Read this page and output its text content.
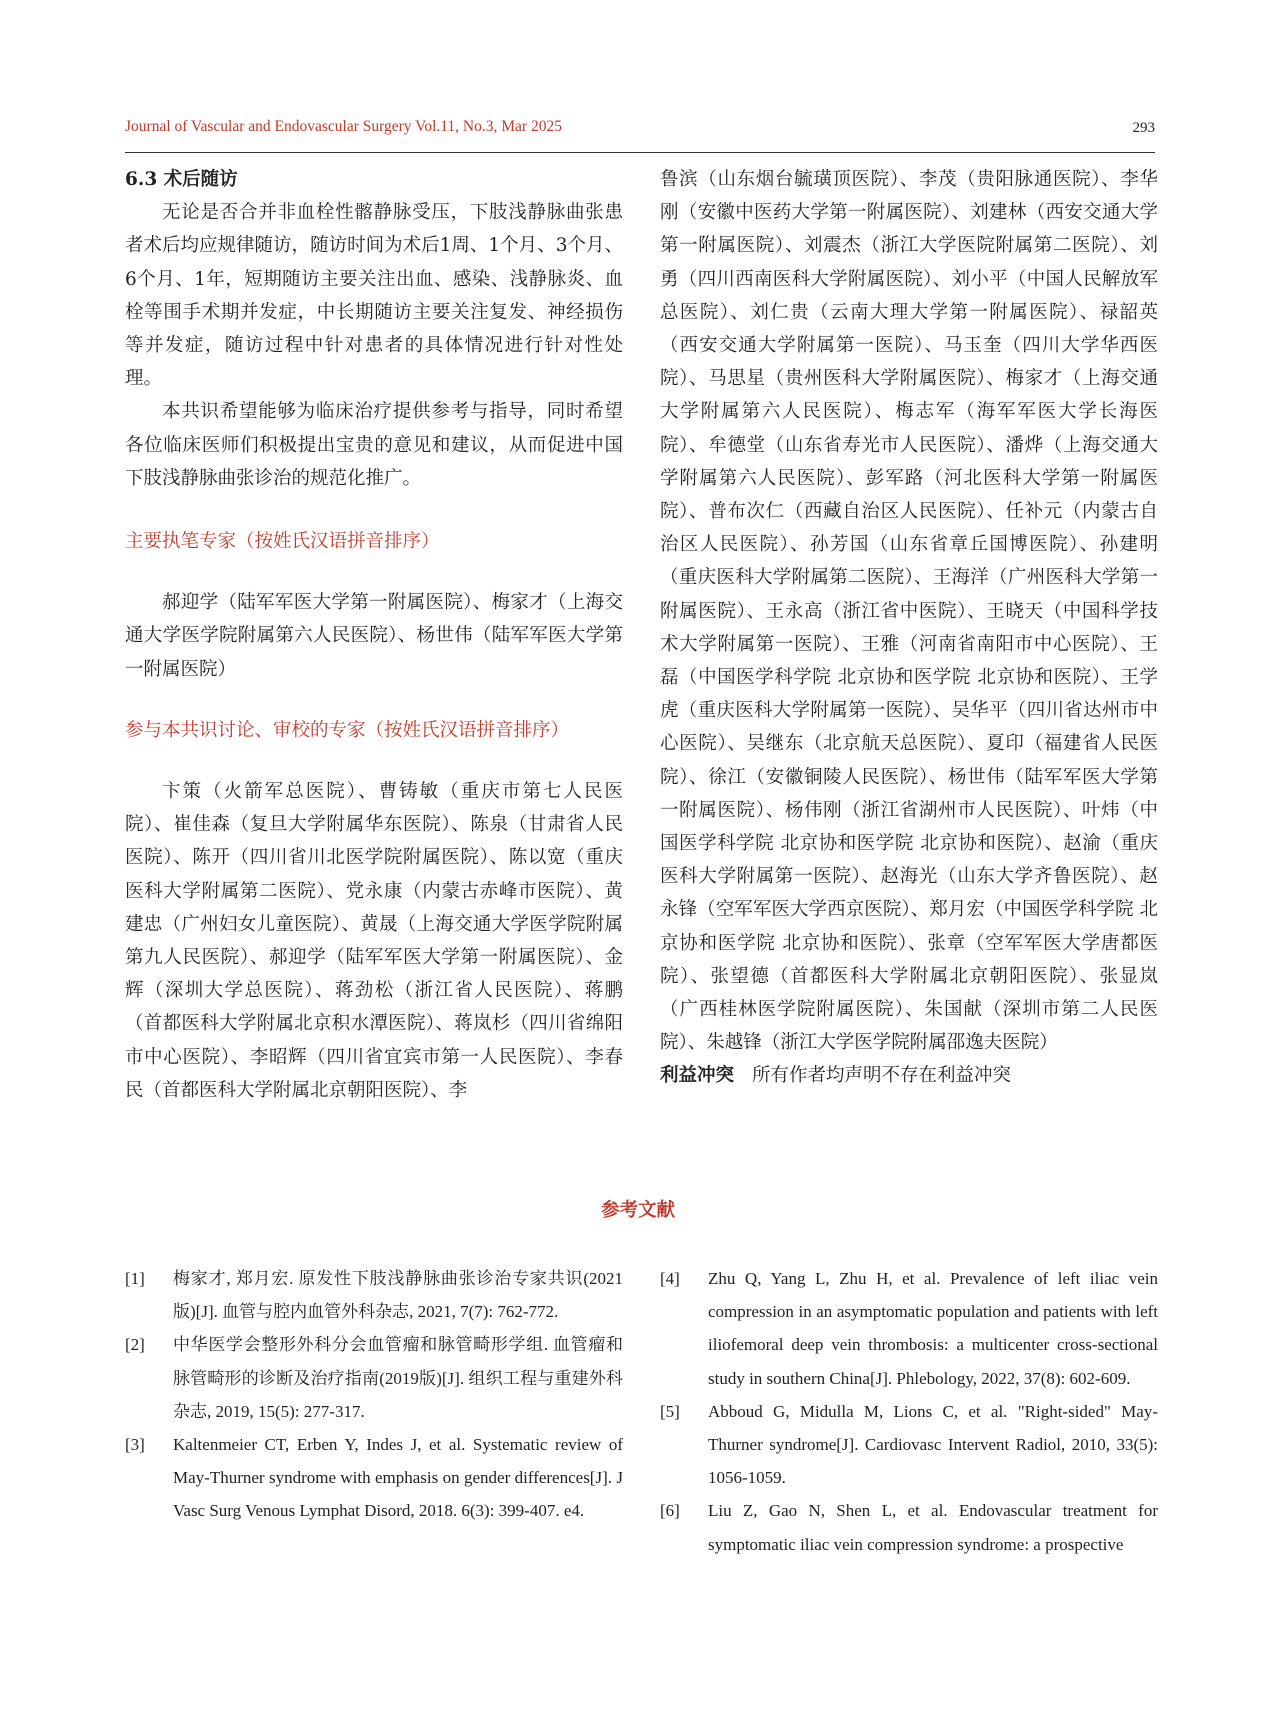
Journal of Vascular and Endovascular Surgery Vol.11, No.3, Mar 2025	293

6.3 术后随访

无论是否合并非血栓性髂静脉受压，下肢浅静脉曲张患者术后均应规律随访，随访时间为术后1周、1个月、3个月、6个月、1年，短期随访主要关注出血、感染、浅静脉炎、血栓等围手术期并发症，中长期随访主要关注复发、神经损伤等并发症，随访过程中针对患者的具体情况进行针对性处理。

本共识希望能够为临床治疗提供参考与指导，同时希望各位临床医师们积极提出宝贵的意见和建议，从而促进中国下肢浅静脉曲张诊治的规范化推广。

主要执笔专家（按姓氏汉语拼音排序）

郝迎学（陆军军医大学第一附属医院）、梅家才（上海交通大学医学院附属第六人民医院）、杨世伟（陆军军医大学第一附属医院）

参与本共识讨论、审校的专家（按姓氏汉语拼音排序）

卞策（火箭军总医院）、曹铸敏（重庆市第七人民医院）、崔佳森（复旦大学附属华东医院）、陈泉（甘肃省人民医院）、陈开（四川省川北医学院附属医院）、陈以宽（重庆医科大学附属第二医院）、党永康（内蒙古赤峰市医院）、黄建忠（广州妇女儿童医院）、黄晟（上海交通大学医学院附属第九人民医院）、郝迎学（陆军军医大学第一附属医院）、金辉（深圳大学总医院）、蒋劲松（浙江省人民医院）、蒋鹏（首都医科大学附属北京积水潭医院）、蒋岚杉（四川省绵阳市中心医院）、李昭辉（四川省宜宾市第一人民医院）、李春民（首都医科大学附属北京朝阳医院）、李

鲁滨（山东烟台毓璜顶医院）、李茂（贵阳脉通医院）、李华刚（安徽中医药大学第一附属医院）、刘建林（西安交通大学第一附属医院）、刘震杰（浙江大学医院附属第二医院）、刘勇（四川西南医科大学附属医院）、刘小平（中国人民解放军总医院）、刘仁贵（云南大理大学第一附属医院）、禄韶英（西安交通大学附属第一医院）、马玉奎（四川大学华西医院）、马思星（贵州医科大学附属医院）、梅家才（上海交通大学附属第六人民医院）、梅志军（海军军医大学长海医院）、牟德堂（山东省寿光市人民医院）、潘烨（上海交通大学附属第六人民医院）、彭军路（河北医科大学第一附属医院）、普布次仁（西藏自治区人民医院）、任补元（内蒙古自治区人民医院）、孙芳国（山东省章丘国博医院）、孙建明（重庆医科大学附属第二医院）、王海洋（广州医科大学第一附属医院）、王永高（浙江省中医院）、王晓天（中国科学技术大学附属第一医院）、王雅（河南省南阳市中心医院）、王磊（中国医学科学院 北京协和医学院 北京协和医院）、王学虎（重庆医科大学附属第一医院）、吴华平（四川省达州市中心医院）、吴继东（北京航天总医院）、夏印（福建省人民医院）、徐江（安徽铜陵人民医院）、杨世伟（陆军军医大学第一附属医院）、杨伟刚（浙江省湖州市人民医院）、叶炜（中国医学科学院 北京协和医学院 北京协和医院）、赵渝（重庆医科大学附属第一医院）、赵海光（山东大学齐鲁医院）、赵永锋（空军军医大学西京医院）、郑月宏（中国医学科学院 北京协和医学院 北京协和医院）、张章（空军军医大学唐都医院）、张望德（首都医科大学附属北京朝阳医院）、张显岚（广西桂林医学院附属医院）、朱国献（深圳市第二人民医院）、朱越锋（浙江大学医学院附属邵逸夫医院）

利益冲突 所有作者均声明不存在利益冲突

参考文献
[1] 梅家才, 郑月宏. 原发性下肢浅静脉曲张诊治专家共识(2021版)[J]. 血管与腔内血管外科杂志, 2021, 7(7): 762-772.
[2] 中华医学会整形外科分会血管瘤和脉管畸形学组. 血管瘤和脉管畸形的诊断及治疗指南(2019版)[J]. 组织工程与重建外科杂志, 2019, 15(5): 277-317.
[3] Kaltenmeier CT, Erben Y, Indes J, et al. Systematic review of May-Thurner syndrome with emphasis on gender differences[J]. J Vasc Surg Venous Lymphat Disord, 2018. 6(3): 399-407. e4.
[4] Zhu Q, Yang L, Zhu H, et al. Prevalence of left iliac vein compression in an asymptomatic population and patients with left iliofemoral deep vein thrombosis: a multicenter cross-sectional study in southern China[J]. Phlebology, 2022, 37(8): 602-609.
[5] Abboud G, Midulla M, Lions C, et al. "Right-sided" May-Thurner syndrome[J]. Cardiovasc Intervent Radiol, 2010, 33(5): 1056-1059.
[6] Liu Z, Gao N, Shen L, et al. Endovascular treatment for symptomatic iliac vein compression syndrome: a prospective
